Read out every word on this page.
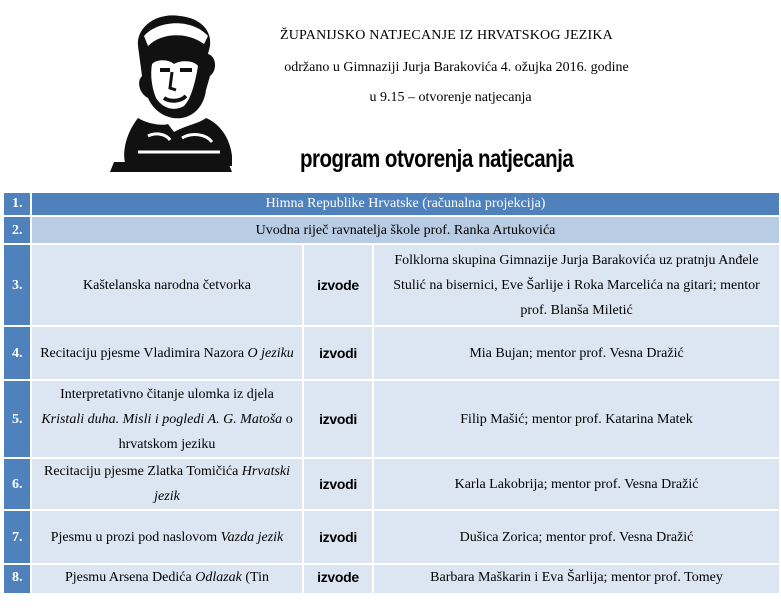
ŽUPANIJSKO NATJECANJE IZ HRVATSKOG JEZIKA
održano u Gimnaziji Jurja Barakovića 4. ožujka 2016. godine
u 9.15 – otvorenje natjecanja
program otvorenja natjecanja
1.	Himna Republike Hrvatske (računalna projekcija)		
2.	Uvodna riječ ravnatelja škole prof. Ranka Artukovića		
3.	Kaštelanska narodna četvorka	izvode	Folklorna skupina Gimnazije Jurja Barakovića uz pratnju Anđele Stulić na bisernici, Eve Šarlije i Roka Marcelića na gitari; mentor prof. Blanša Miletić
4.	Recitaciju pjesme Vladimira Nazora O jeziku	izvodi	Mia Bujan; mentor prof. Vesna Dražić
5.	Interpretativno čitanje ulomka iz djela Kristali duha. Misli i pogledi A. G. Matoša o hrvatskom jeziku	izvodi	Filip Mašić; mentor prof. Katarina Matek
6.	Recitaciju pjesme Zlatka Tomičića Hrvatski jezik	izvodi	Karla Lakobrija; mentor prof. Vesna Dražić
7.	Pjesmu u prozi pod naslovom Vazda jezik	izvodi	Dušica Zorica; mentor prof. Vesna Dražić
8.	Pjesmu Arsena Dedića Odlazak (Tin	izvode	Barbara Maškarin i Eva Šarlija; mentor prof. Tomey
